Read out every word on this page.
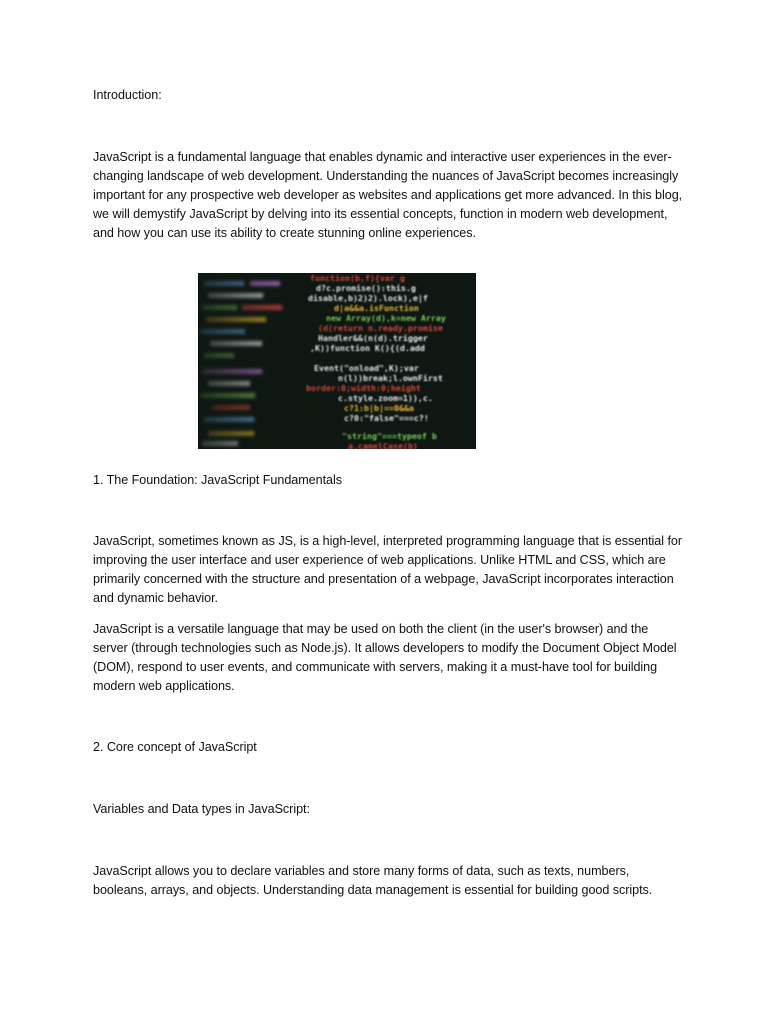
Introduction:

JavaScript is a fundamental language that enables dynamic and interactive user experiences in the ever-changing landscape of web development. Understanding the nuances of JavaScript becomes increasingly important for any prospective web developer as websites and applications get more advanced. In this blog, we will demystify JavaScript by delving into its essential concepts, function in modern web development, and how you can use its ability to create stunning online experiences.

1. The Foundation: JavaScript Fundamentals

JavaScript, sometimes known as JS, is a high-level, interpreted programming language that is essential for improving the user interface and user experience of web applications. Unlike HTML and CSS, which are primarily concerned with the structure and presentation of a webpage, JavaScript incorporates interaction and dynamic behavior.

JavaScript is a versatile language that may be used on both the client (in the user's browser) and the server (through technologies such as Node.js). It allows developers to modify the Document Object Model (DOM), respond to user events, and communicate with servers, making it a must-have tool for building modern web applications.

2. Core concept of JavaScript

Variables and Data types in JavaScript:

JavaScript allows you to declare variables and store many forms of data, such as texts, numbers, booleans, arrays, and objects. Understanding data management is essential for building good scripts.
